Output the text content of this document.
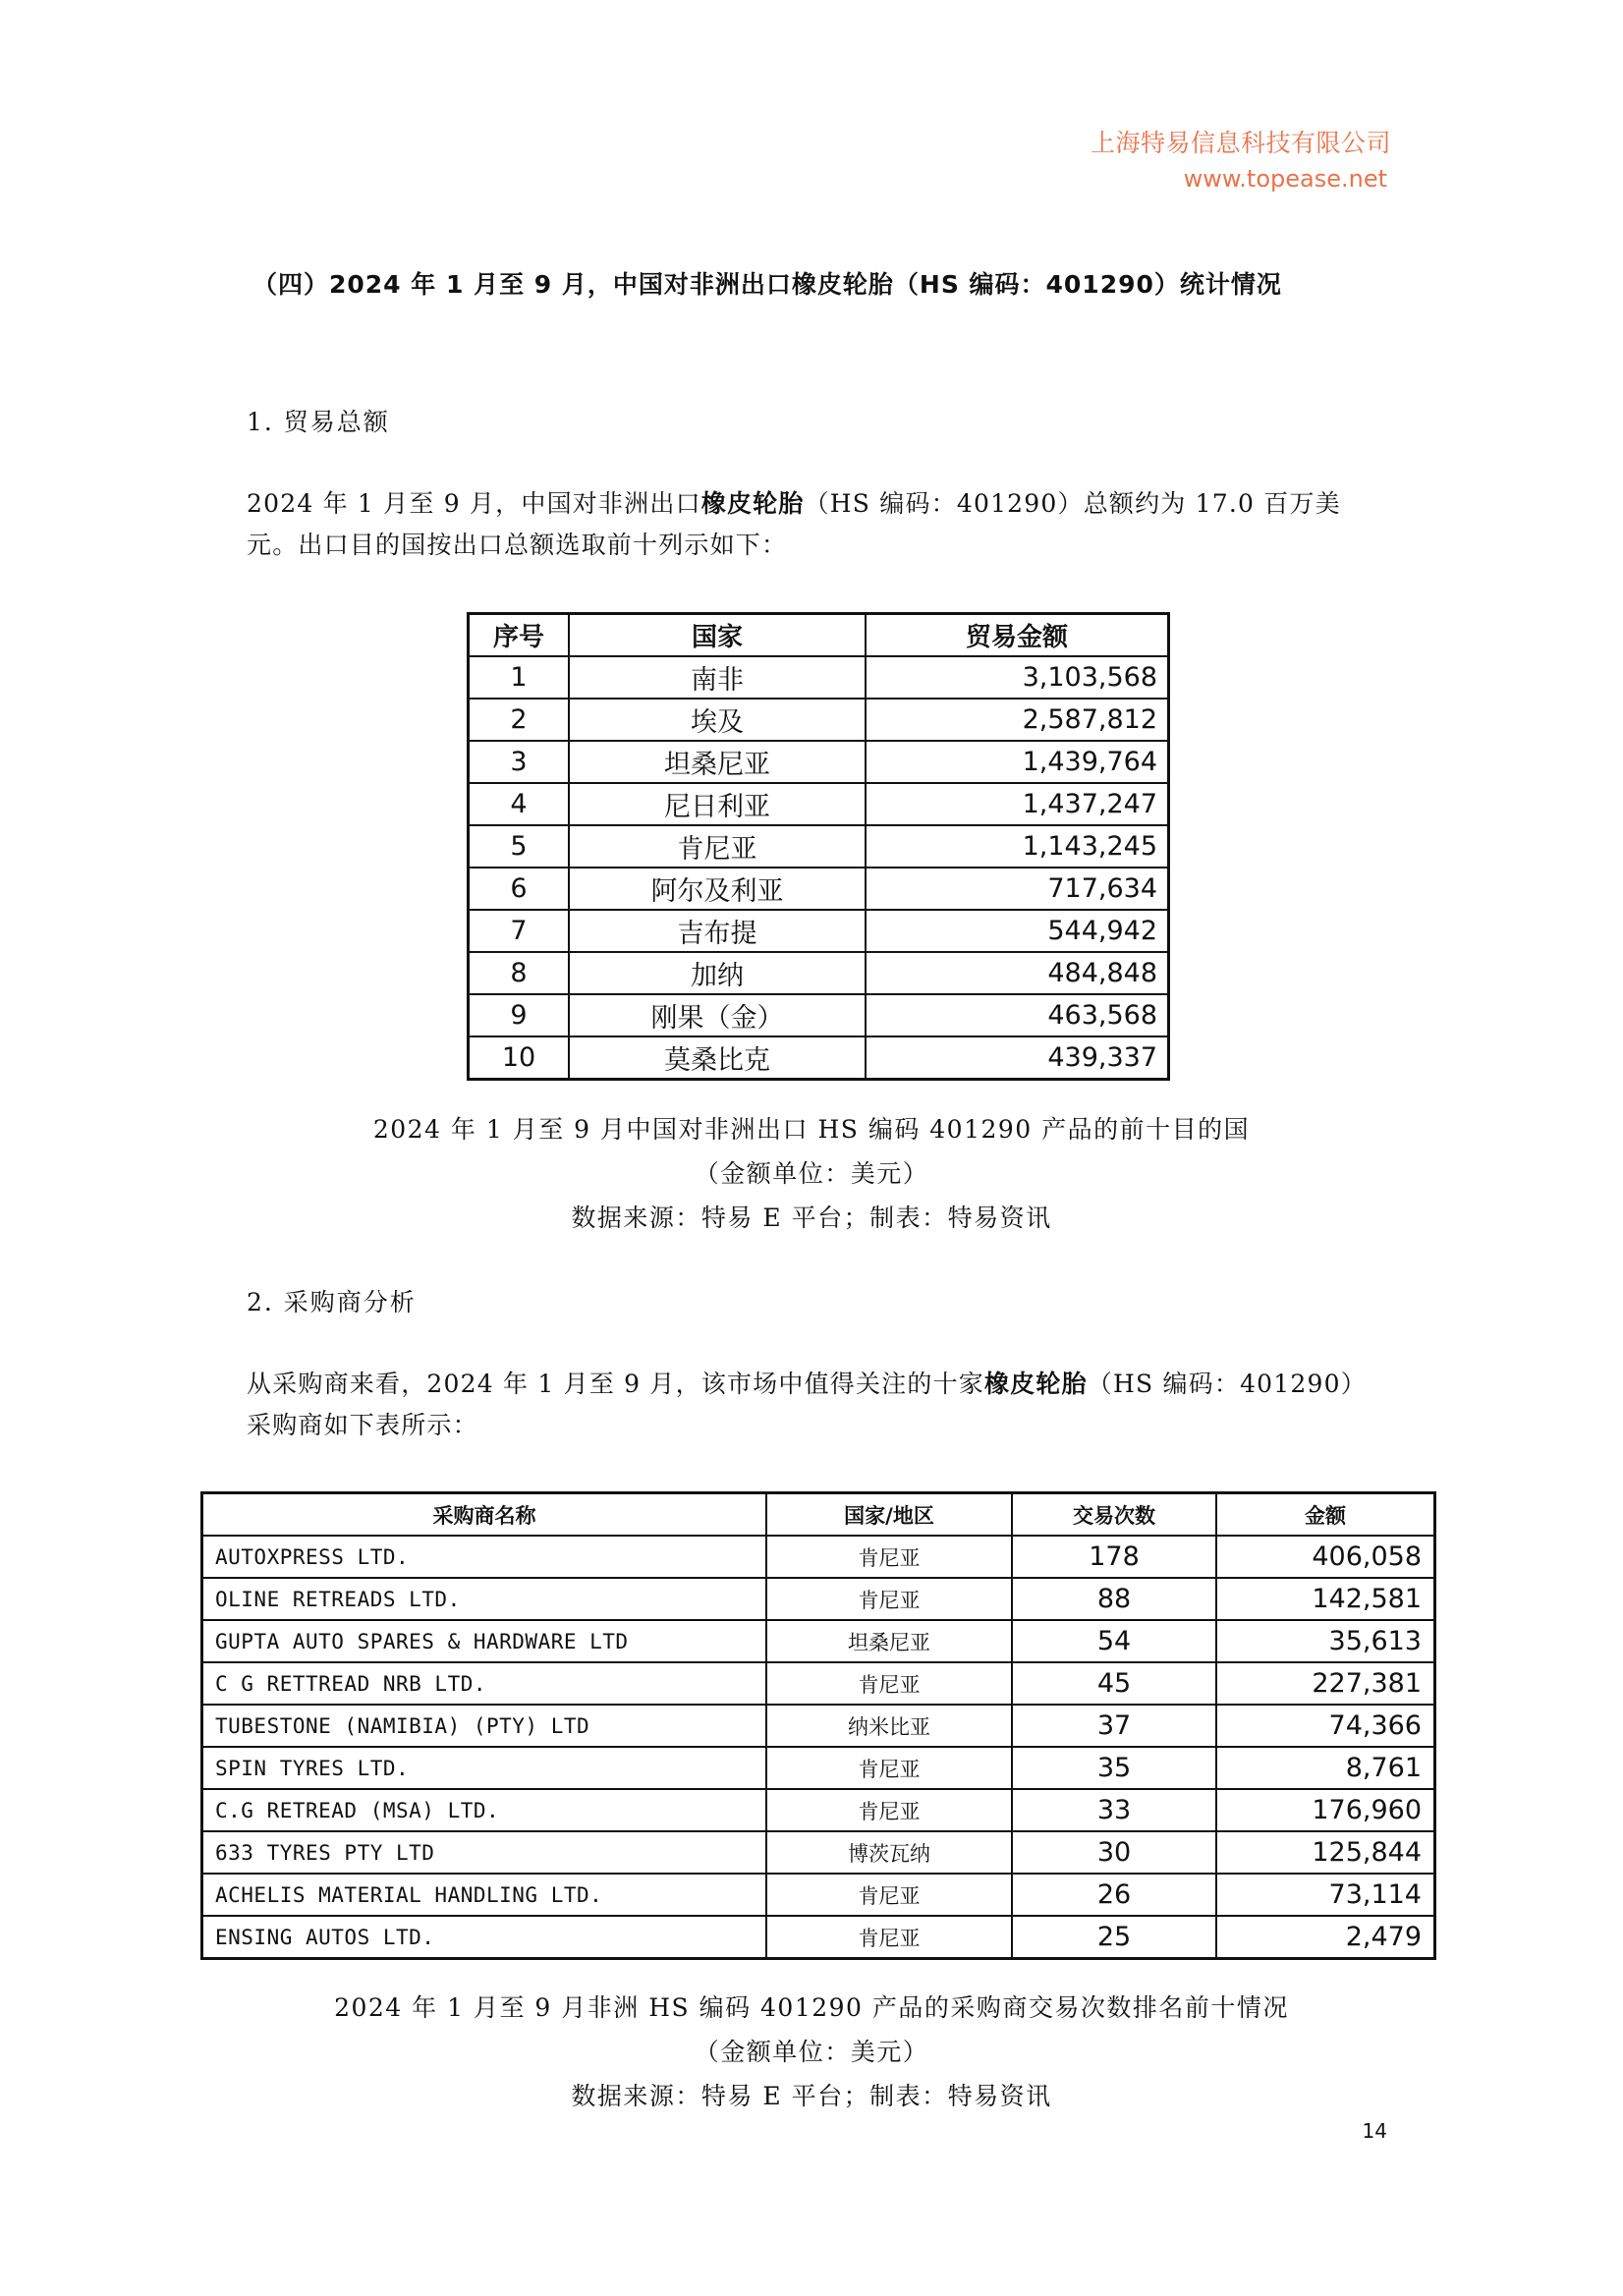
上海特易信息科技有限公司
www.topease.net
（四）2024 年 1 月至 9 月，中国对非洲出口橡皮轮胎（HS 编码：401290）统计情况
1. 贸易总额
2024 年 1 月至 9 月，中国对非洲出口橡皮轮胎（HS 编码：401290）总额约为 17.0 百万美
元。出口目的国按出口总额选取前十列示如下：
序号	国家	贸易金额
1	南非	3,103,568
2	埃及	2,587,812
3	坦桑尼亚	1,439,764
4	尼日利亚	1,437,247
5	肯尼亚	1,143,245
6	阿尔及利亚	717,634
7	吉布提	544,942
8	加纳	484,848
9	刚果（金）	463,568
10	莫桑比克	439,337
2024 年 1 月至 9 月中国对非洲出口 HS 编码 401290 产品的前十目的国
（金额单位：美元）
数据来源：特易 E 平台；制表：特易资讯
2. 采购商分析
从采购商来看，2024 年 1 月至 9 月，该市场中值得关注的十家橡皮轮胎（HS 编码：401290）
采购商如下表所示：
采购商名称	国家/地区	交易次数	金额
AUTOXPRESS LTD.	肯尼亚	178	406,058
OLINE RETREADS LTD.	肯尼亚	88	142,581
GUPTA AUTO SPARES & HARDWARE LTD	坦桑尼亚	54	35,613
C G RETTREAD NRB LTD.	肯尼亚	45	227,381
TUBESTONE (NAMIBIA) (PTY) LTD	纳米比亚	37	74,366
SPIN TYRES LTD.	肯尼亚	35	8,761
C.G RETREAD (MSA) LTD.	肯尼亚	33	176,960
633 TYRES PTY LTD	博茨瓦纳	30	125,844
ACHELIS MATERIAL HANDLING LTD.	肯尼亚	26	73,114
ENSING AUTOS LTD.	肯尼亚	25	2,479
2024 年 1 月至 9 月非洲 HS 编码 401290 产品的采购商交易次数排名前十情况
（金额单位：美元）
数据来源：特易 E 平台；制表：特易资讯
14
